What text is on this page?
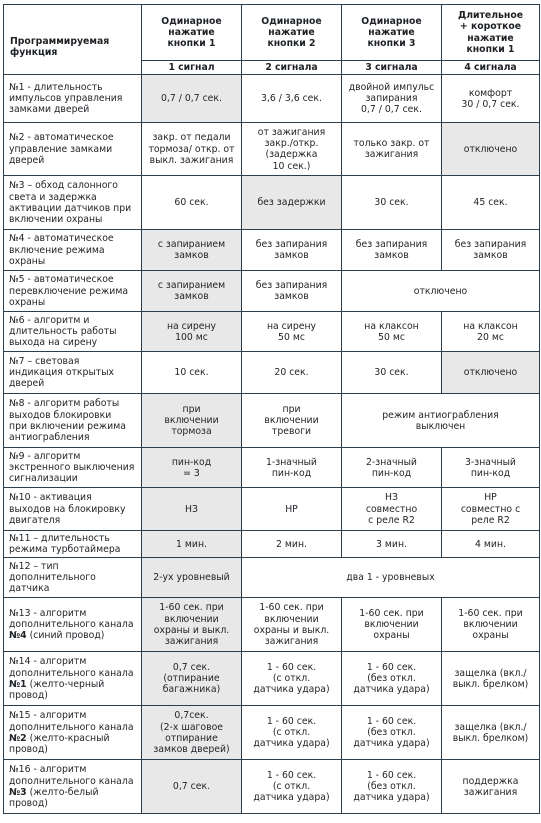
Программируемая функция	Одинарное
нажатие
кнопки 1	Одинарное
нажатие
кнопки 2	Одинарное
нажатие
кнопки 3	Длительное
+ короткое
нажатие
кнопки 1
	1 сигнал	2 сигнала	3 сигнала	4 сигнала
№1 - длительность
импульсов управления
замками дверей	0,7 / 0,7 сек.	3,6 / 3,6 сек.	двойной импульс
запирания
0,7 / 0,7 сек.	комфорт
30 / 0,7 сек.
№2 - автоматическое
управление замками
дверей	закр. от педали
тормоза/ откр. от
выкл. зажигания	от зажигания
закр./откр.
(задержка
10 сек.)	только закр. от
зажигания	отключено
№3 – обход салонного
света и задержка
активации датчиков при
включении охраны	60 сек.	без задержки	30 сек.	45 сек.
№4 - автоматическое
включение режима
охраны	с запиранием
замков	без запирания
замков	без запирания
замков	без запирания
замков
№5 - автоматическое
перевключение режима
охраны	с запиранием
замков	без запирания
замков	отключено	
№6 - алгоритм и
длительность работы
выхода на сирену	на сирену
100 мс	на сирену
50 мс	на клаксон
50 мс	на клаксон
20 мс
№7 – световая
индикация открытых
дверей	10 сек.	20 сек.	30 сек.	отключено
№8 - алгоритм работы
выходов блокировки
при включении режима
антиограбления	при
включении
тормоза	при
включении
тревоги	режим антиограбления
выключен	
№9 - алгоритм
экстренного выключения
сигнализации	пин-код
= 3	1-значный
пин-код	2-значный
пин-код	3-значный
пин-код
№10 - активация
выходов на блокировку
двигателя	НЗ	НР	НЗ
совместно
с реле R2	НР
совместно с
реле R2
№11 – длительность
режима турботаймера	1 мин.	2 мин.	3 мин.	4 мин.
№12 – тип
дополнительного
датчика	2-ух уровневый	два 1 - уровневых		
№13 - алгоритм
дополнительного канала №4 (синий провод)	1-60 сек. при
включении
охраны и выкл.
зажигания	1-60 сек. при
включении
охраны и выкл.
зажигания	1-60 сек. при
включении
охраны	1-60 сек. при
включении
охраны
№14 - алгоритм
дополнительного канала №1 (желто-черный
провод)	0,7 сек.
(отпирание
багажника)	1 - 60 сек.
(с откл.
датчика удара)	1 - 60 сек.
(без откл.
датчика удара)	защелка (вкл./
выкл. брелком)
№15 - алгоритм
дополнительного канала №2 (желто-красный
провод)	0,7сек.
(2-х шаговое
отпирание
замков дверей)	1 - 60 сек.
(с откл.
датчика удара)	1 - 60 сек.
(без откл.
датчика удара)	защелка (вкл./
выкл. брелком)
№16 - алгоритм
дополнительного канала №3 (желто-белый
провод)	0,7 сек.	1 - 60 сек.
(с откл.
датчика удара)	1 - 60 сек.
(без откл.
датчика удара)	поддержка
зажигания
